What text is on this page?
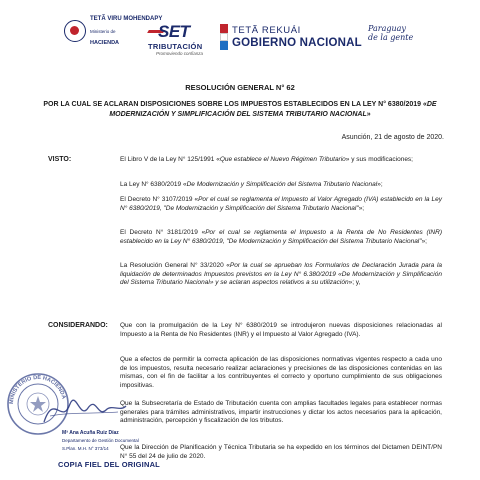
TETÃ VIRU MOHENDAPY
Ministerio de
HACIENDA
SET
TRIBUTACIÓN
Promoviendo confianza
TETÃ REKUÁI
GOBIERNO NACIONAL
Paraguay
de la gente
RESOLUCIÓN GENERAL N° 62
POR LA CUAL SE ACLARAN DISPOSICIONES SOBRE LOS IMPUESTOS ESTABLECIDOS EN LA LEY N° 6380/2019 «DE MODERNIZACIÓN Y SIMPLIFICACIÓN DEL SISTEMA TRIBUTARIO NACIONAL»
Asunción, 21 de agosto de 2020.
VISTO:	El Libro V de la Ley N° 125/1991 «Que establece el Nuevo Régimen Tributario» y sus modificaciones;
La Ley N° 6380/2019 «De Modernización y Simplificación del Sistema Tributario Nacional»;
El Decreto N° 3107/2019 «Por el cual se reglamenta el Impuesto al Valor Agregado (IVA) establecido en la Ley N° 6380/2019, "De Modernización y Simplificación del Sistema Tributario Nacional"»;
El Decreto N° 3181/2019 «Por el cual se reglamenta el Impuesto a la Renta de No Residentes (INR) establecido en la Ley N° 6380/2019, "De Modernización y Simplificación del Sistema Tributario Nacional"»;
La Resolución General N° 33/2020 «Por la cual se aprueban los Formularios de Declaración Jurada para la liquidación de determinados Impuestos previstos en la Ley N° 6.380/2019 «De Modernización y Simplificación del Sistema Tributario Nacional» y se aclaran aspectos relativos a su utilización»; y,
CONSIDERANDO: Que con la promulgación de la Ley N° 6380/2019 se introdujeron nuevas disposiciones relacionadas al Impuesto a la Renta de No Residentes (INR) y el Impuesto al Valor Agregado (IVA).
Que a efectos de permitir la correcta aplicación de las disposiciones normativas vigentes respecto a cada uno de los impuestos, resulta necesario realizar aclaraciones y precisiones de las disposiciones contenidas en las mismas, con el fin de facilitar a los contribuyentes el correcto y oportuno cumplimiento de sus obligaciones impositivas.
Que la Subsecretaría de Estado de Tributación cuenta con amplias facultades legales para establecer normas generales para trámites administrativos, impartir instrucciones y dictar los actos necesarios para la aplicación, administración, percepción y fiscalización de los tributos.
Que la Dirección de Planificación y Técnica Tributaria se ha expedido en los términos del Dictamen DEINT/PN N° 55 del 24 de julio de 2020.
MINISTERIO DE HACIENDA
Mª Ana Acuña Ruiz Díaz
Departamento de Gestión Documental
S.Plan. M.H. N° 373/14
COPIA FIEL DEL ORIGINAL
